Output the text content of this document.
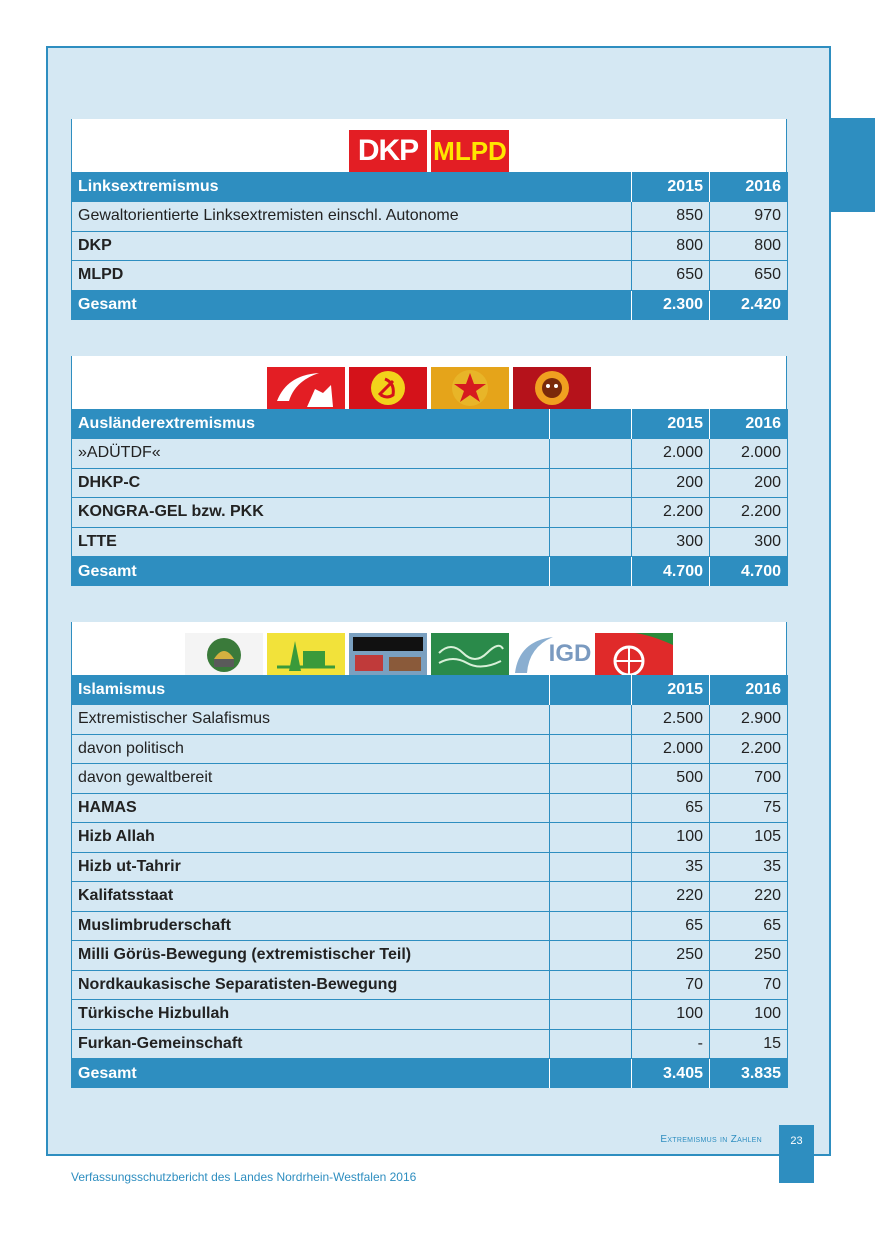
DKP MLPD
Linksextremismus	2015	2016
Gewaltorientierte Linksextremisten einschl. Autonome	850	970
DKP	800	800
MLPD	650	650
Gesamt	2.300	2.420
Ausländerextremismus		2015	2016
»ADÜTDF«		2.000	2.000
DHKP-C		200	200
KONGRA-GEL bzw. PKK		2.200	2.200
LTTE		300	300
Gesamt		4.700	4.700
IGD
Islamismus		2015	2016
Extremistischer Salafismus		2.500	2.900
davon politisch		2.000	2.200
davon gewaltbereit		500	700
HAMAS		65	75
Hizb Allah		100	105
Hizb ut-Tahrir		35	35
Kalifatsstaat		220	220
Muslimbruderschaft		65	65
Milli Görüs-Bewegung (extremistischer Teil)		250	250
Nordkaukasische Separatisten-Bewegung		70	70
Türkische Hizbullah		100	100
Furkan-Gemeinschaft		-	15
Gesamt		3.405	3.835
Extremismus in Zahlen	23
Verfassungsschutzbericht des Landes Nordrhein-Westfalen 2016
